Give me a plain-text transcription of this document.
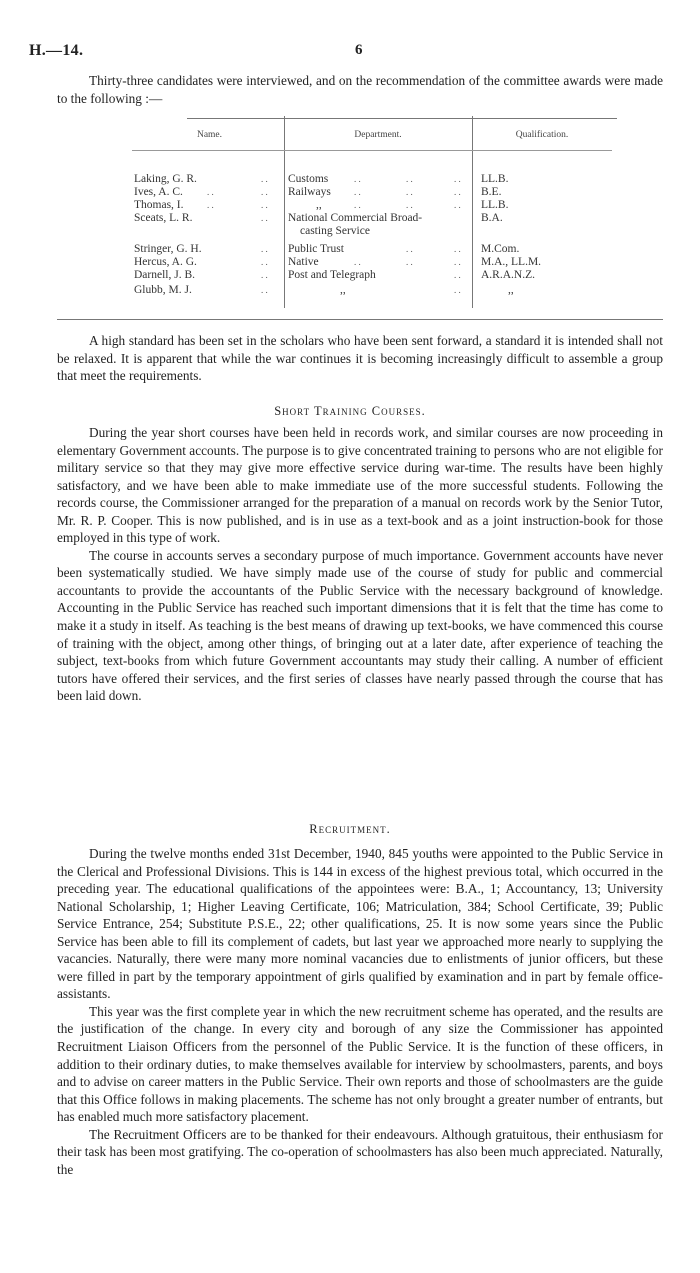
H.—14.	6

Thirty-three candidates were interviewed, and on the recommendation of the committee awards were made to the following :—

Name.	Department.	Qualification.
Laking, G. R.	. . Customs	. .	. .	. . LL.B.
Ives, A. C.	. .	. . Railways	. .	. .	. . B.E.
Thomas, I.	. .	. .	,,	. .	. .	. . LL.B.
Sceats, L. R.	. . National Commercial Broad-	B.A.
casting Service
Stringer, G. H.	. . Public Trust	. .	. . M.Com.
Hercus, A. G.	. . Native	. .	. .	. . M.A., LL.M.
Darnell, J. B.	. . Post and Telegraph	. . A.R.A.N.Z.
Glubb, M. J.	. .	,,	. .	,,

A high standard has been set in the scholars who have been sent forward, a standard it is intended shall not be relaxed. It is apparent that while the war continues it is becoming increasingly difficult to assemble a group that meet the requirements.

Short Training Courses.

During the year short courses have been held in records work, and similar courses are now proceeding in elementary Government accounts. The purpose is to give concentrated training to persons who are not eligible for military service so that they may give more effective service during war-time. The results have been highly satisfactory, and we have been able to make immediate use of the more successful students. Following the records course, the Commissioner arranged for the preparation of a manual on records work by the Senior Tutor, Mr. R. P. Cooper. This is now published, and is in use as a text-book and as a joint instruction-book for those employed in this type of work.

The course in accounts serves a secondary purpose of much importance. Government accounts have never been systematically studied. We have simply made use of the course of study for public and commercial accountants to provide the accountants of the Public Service with the necessary background of knowledge. Accounting in the Public Service has reached such important dimensions that it is felt that the time has come to make it a study in itself. As teaching is the best means of drawing up text-books, we have commenced this course of training with the object, among other things, of bringing out at a later date, after experience of teaching the subject, text-books from which future Government accountants may study their calling. A number of efficient tutors have offered their services, and the first series of classes have nearly passed through the course that has been laid down.

Recruitment.

During the twelve months ended 31st December, 1940, 845 youths were appointed to the Public Service in the Clerical and Professional Divisions. This is 144 in excess of the highest previous total, which occurred in the preceding year. The educational qualifications of the appointees were: B.A., 1; Accountancy, 13; University National Scholarship, 1; Higher Leaving Certificate, 106; Matriculation, 384; School Certificate, 39; Public Service Entrance, 254; Substitute P.S.E., 22; other qualifications, 25. It is now some years since the Public Service has been able to fill its complement of cadets, but last year we approached more nearly to supplying the vacancies. Naturally, there were many more nominal vacancies due to enlistments of junior officers, but these were filled in part by the temporary appointment of girls qualified by examination and in part by female office-assistants.

This year was the first complete year in which the new recruitment scheme has operated, and the results are the justification of the change. In every city and borough of any size the Commissioner has appointed Recruitment Liaison Officers from the personnel of the Public Service. It is the function of these officers, in addition to their ordinary duties, to make themselves available for interview by schoolmasters, parents, and boys and to advise on career matters in the Public Service. Their own reports and those of schoolmasters are the guide that this Office follows in making placements. The scheme has not only brought a greater number of entrants, but has enabled much more satisfactory placement.

The Recruitment Officers are to be thanked for their endeavours. Although gratuitous, their enthusiasm for their task has been most gratifying. The co-operation of schoolmasters has also been much appreciated. Naturally, the
